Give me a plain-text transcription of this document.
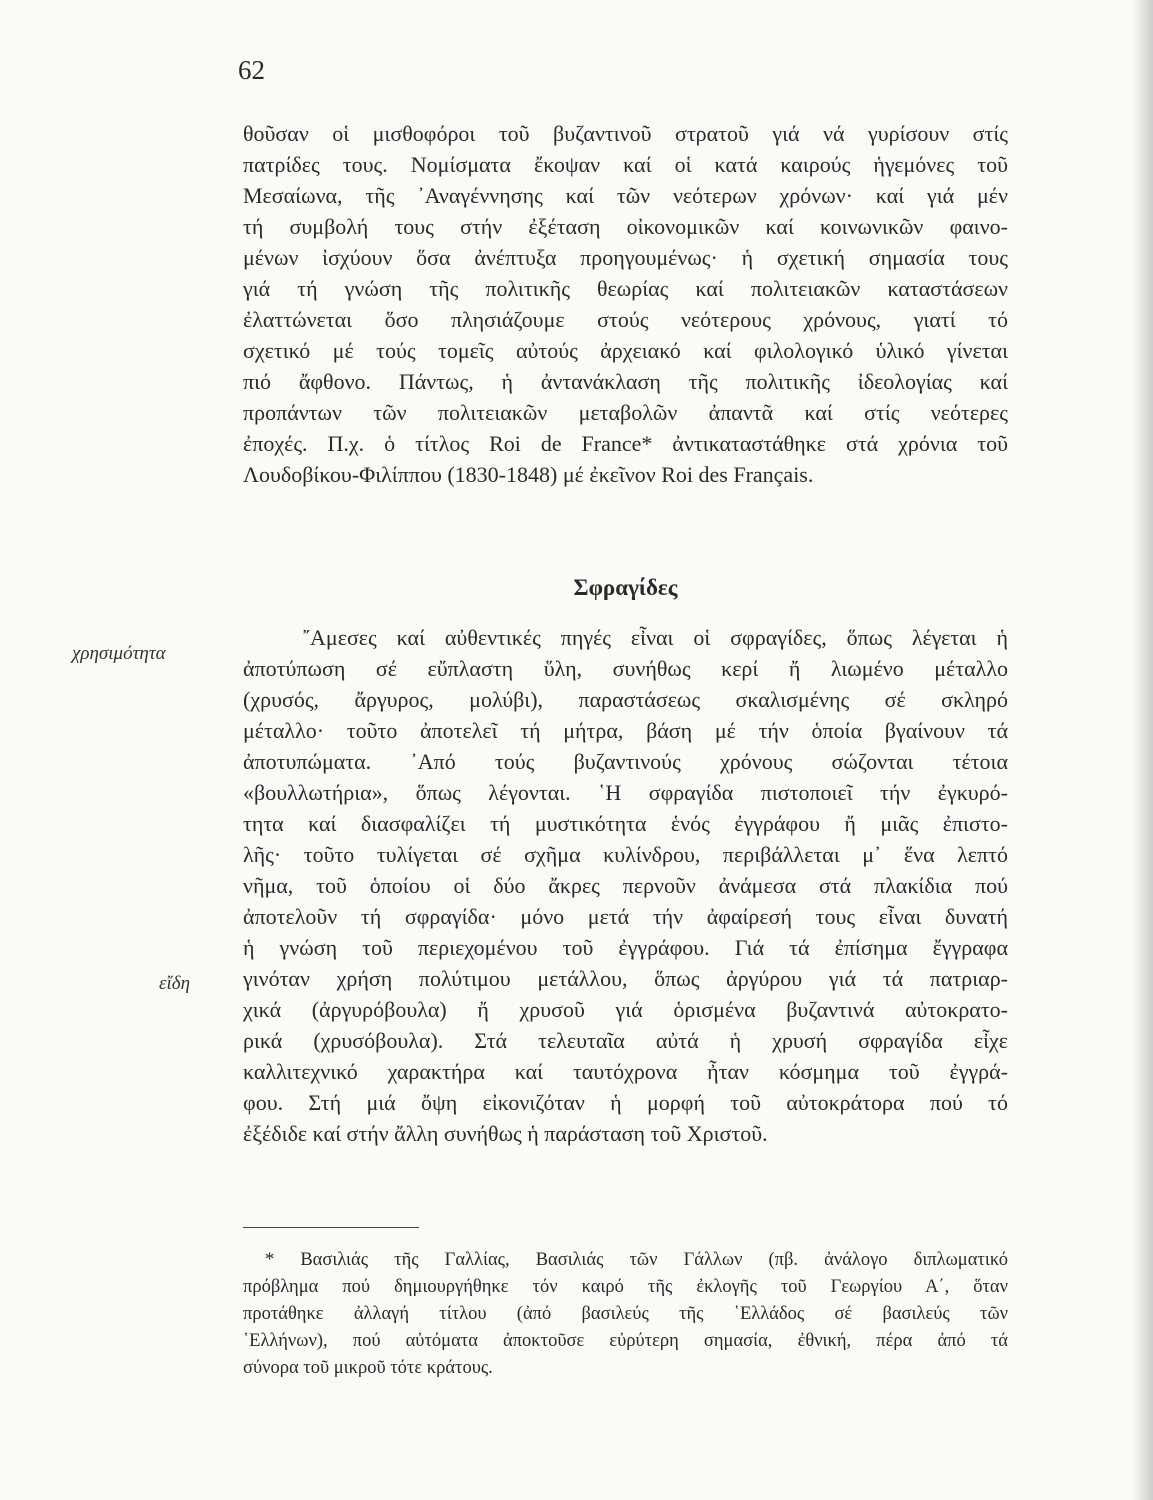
62
θοῦσαν οἱ μισθοφόροι τοῦ βυζαντινοῦ στρατοῦ γιά νά γυρίσουν στίς
πατρίδες τους. Νομίσματα ἔκοψαν καί οἱ κατά καιρούς ἡγεμόνες τοῦ
Μεσαίωνα, τῆς ᾿Αναγέννησης καί τῶν νεότερων χρόνων· καί γιά μέν
τή συμβολή τους στήν ἐξέταση οἰκονομικῶν καί κοινωνικῶν φαινο-
μένων ἰσχύουν ὅσα ἀνέπτυξα προηγουμένως· ἡ σχετική σημασία τους
γιά τή γνώση τῆς πολιτικῆς θεωρίας καί πολιτειακῶν καταστάσεων
ἐλαττώνεται ὅσο πλησιάζουμε στούς νεότερους χρόνους, γιατί τό
σχετικό μέ τούς τομεῖς αὐτούς ἀρχειακό καί φιλολογικό ὑλικό γίνεται
πιό ἄφθονο. Πάντως, ἡ ἀντανάκλαση τῆς πολιτικῆς ἰδεολογίας καί
προπάντων τῶν πολιτειακῶν μεταβολῶν ἀπαντᾶ καί στίς νεότερες
ἐποχές. Π.χ. ὁ τίτλος Roi de France* ἀντικαταστάθηκε στά χρόνια τοῦ
Λουδοβίκου-Φιλίππου (1830-1848) μέ ἐκεῖνον Roi des Français.
Σφραγίδες
χρησιμότητα
εἴδη
῎Αμεσες καί αὐθεντικές πηγές εἶναι οἱ σφραγίδες, ὅπως λέγεται ἡ
ἀποτύπωση σέ εὔπλαστη ὕλη, συνήθως κερί ἤ λιωμένο μέταλλο
(χρυσός, ἄργυρος, μολύβι), παραστάσεως σκαλισμένης σέ σκληρό
μέταλλο· τοῦτο ἀποτελεῖ τή μήτρα, βάση μέ τήν ὁποία βγαίνουν τά
ἀποτυπώματα. ᾿Από τούς βυζαντινούς χρόνους σώζονται τέτοια
«βουλλωτήρια», ὅπως λέγονται. ῾Η σφραγίδα πιστοποιεῖ τήν ἐγκυρό-
τητα καί διασφαλίζει τή μυστικότητα ἑνός ἐγγράφου ἤ μιᾶς ἐπιστο-
λῆς· τοῦτο τυλίγεται σέ σχῆμα κυλίνδρου, περιβάλλεται μ᾿ ἕνα λεπτό
νῆμα, τοῦ ὁποίου οἱ δύο ἄκρες περνοῦν ἀνάμεσα στά πλακίδια πού
ἀποτελοῦν τή σφραγίδα· μόνο μετά τήν ἀφαίρεσή τους εἶναι δυνατή
ἡ γνώση τοῦ περιεχομένου τοῦ ἐγγράφου. Γιά τά ἐπίσημα ἔγγραφα
γινόταν χρήση πολύτιμου μετάλλου, ὅπως ἀργύρου γιά τά πατριαρ-
χικά (ἀργυρόβουλα) ἤ χρυσοῦ γιά ὁρισμένα βυζαντινά αὐτοκρατο-
ρικά (χρυσόβουλα). Στά τελευταῖα αὐτά ἡ χρυσή σφραγίδα εἶχε
καλλιτεχνικό χαρακτήρα καί ταυτόχρονα ἦταν κόσμημα τοῦ ἐγγρά-
φου. Στή μιά ὄψη εἰκονιζόταν ἡ μορφή τοῦ αὐτοκράτορα πού τό
ἐξέδιδε καί στήν ἄλλη συνήθως ἡ παράσταση τοῦ Χριστοῦ.
* Βασιλιάς τῆς Γαλλίας, Βασιλιάς τῶν Γάλλων (πβ. ἀνάλογο διπλωματικό
πρόβλημα πού δημιουργήθηκε τόν καιρό τῆς ἐκλογῆς τοῦ Γεωργίου Α΄, ὅταν
προτάθηκε ἀλλαγή τίτλου (ἀπό βασιλεύς τῆς ῾Ελλάδος σέ βασιλεύς τῶν
῾Ελλήνων), πού αὐτόματα ἀποκτοῦσε εὐρύτερη σημασία, ἐθνική, πέρα ἀπό τά
σύνορα τοῦ μικροῦ τότε κράτους.
